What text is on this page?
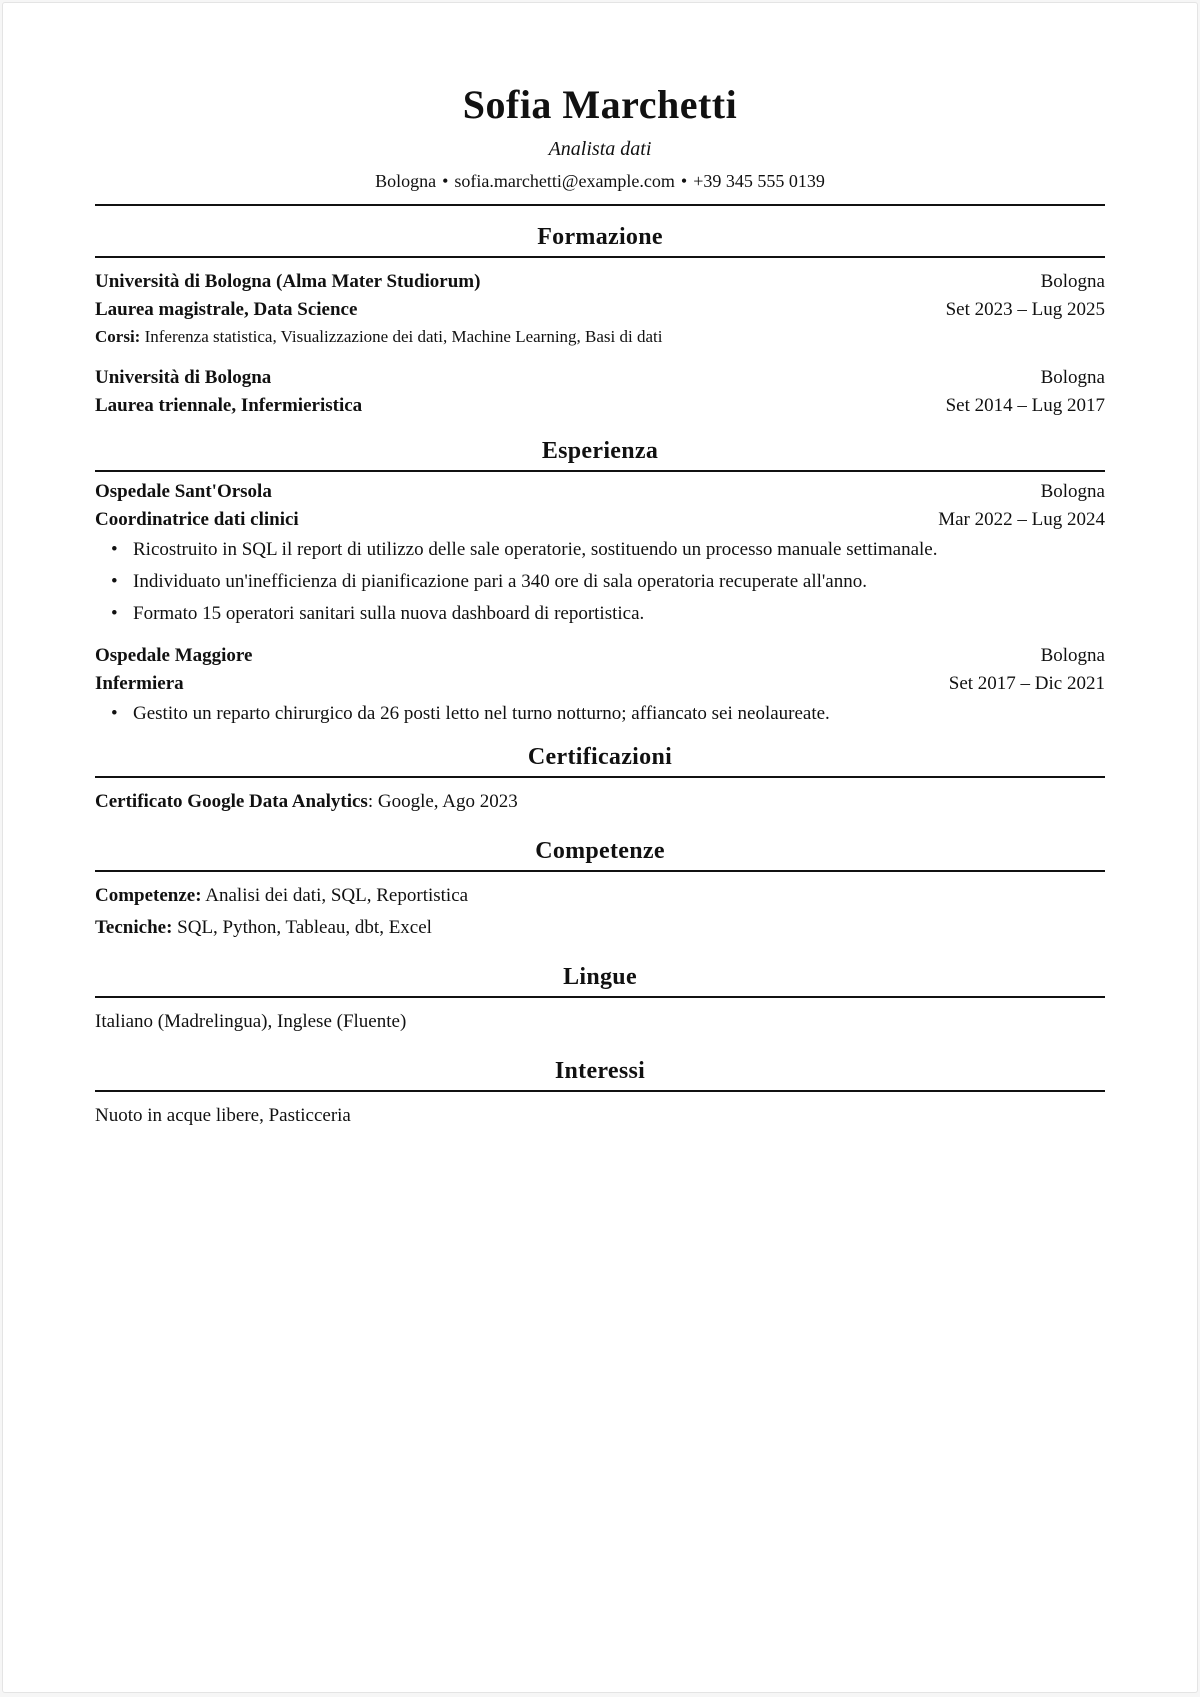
Sofia Marchetti
Analista dati
Bologna • sofia.marchetti@example.com • +39 345 555 0139
Formazione
Università di Bologna (Alma Mater Studiorum)	Bologna
Laurea magistrale, Data Science	Set 2023 – Lug 2025
Corsi: Inferenza statistica, Visualizzazione dei dati, Machine Learning, Basi di dati
Università di Bologna	Bologna
Laurea triennale, Infermieristica	Set 2014 – Lug 2017
Esperienza
Ospedale Sant'Orsola	Bologna
Coordinatrice dati clinici	Mar 2022 – Lug 2024
• Ricostruito in SQL il report di utilizzo delle sale operatorie, sostituendo un processo manuale settimanale.
• Individuato un'inefficienza di pianificazione pari a 340 ore di sala operatoria recuperate all'anno.
• Formato 15 operatori sanitari sulla nuova dashboard di reportistica.
Ospedale Maggiore	Bologna
Infermiera	Set 2017 – Dic 2021
• Gestito un reparto chirurgico da 26 posti letto nel turno notturno; affiancato sei neolaureate.
Certificazioni
Certificato Google Data Analytics: Google, Ago 2023
Competenze
Competenze: Analisi dei dati, SQL, Reportistica
Tecniche: SQL, Python, Tableau, dbt, Excel
Lingue
Italiano (Madrelingua), Inglese (Fluente)
Interessi
Nuoto in acque libere, Pasticceria
